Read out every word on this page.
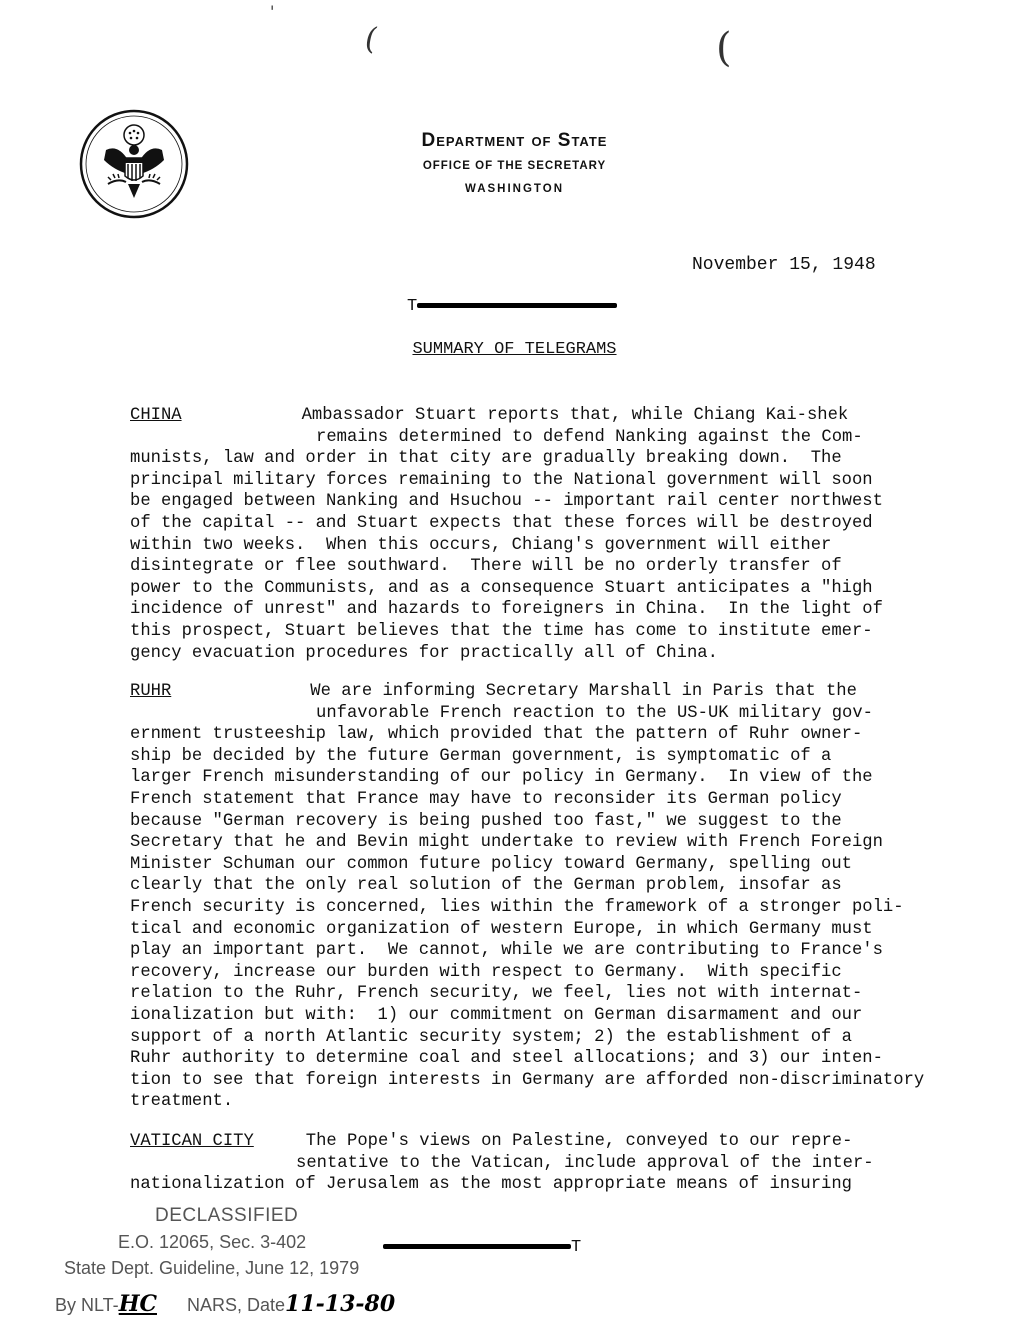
'
(	(
Department of State
OFFICE OF THE SECRETARY
WASHINGTON
November 15, 1948
T
SUMMARY OF TELEGRAMS
CHINA	Ambassador Stuart reports that, while Chiang Kai-shek
remains determined to defend Nanking against the Com-
munists, law and order in that city are gradually breaking down.  The
principal military forces remaining to the National government will soon
be engaged between Nanking and Hsuchou -- important rail center northwest
of the capital -- and Stuart expects that these forces will be destroyed
within two weeks.  When this occurs, Chiang's government will either
disintegrate or flee southward.  There will be no orderly transfer of
power to the Communists, and as a consequence Stuart anticipates a "high
incidence of unrest" and hazards to foreigners in China.  In the light of
this prospect, Stuart believes that the time has come to institute emer-
gency evacuation procedures for practically all of China.
RUHR	We are informing Secretary Marshall in Paris that the
unfavorable French reaction to the US-UK military gov-
ernment trusteeship law, which provided that the pattern of Ruhr owner-
ship be decided by the future German government, is symptomatic of a
larger French misunderstanding of our policy in Germany.  In view of the
French statement that France may have to reconsider its German policy
because "German recovery is being pushed too fast," we suggest to the
Secretary that he and Bevin might undertake to review with French Foreign
Minister Schuman our common future policy toward Germany, spelling out
clearly that the only real solution of the German problem, insofar as
French security is concerned, lies within the framework of a stronger poli-
tical and economic organization of western Europe, in which Germany must
play an important part.  We cannot, while we are contributing to France's
recovery, increase our burden with respect to Germany.  With specific
relation to the Ruhr, French security, we feel, lies not with internat-
ionalization but with:  1) our commitment on German disarmament and our
support of a north Atlantic security system; 2) the establishment of a
Ruhr authority to determine coal and steel allocations; and 3) our inten-
tion to see that foreign interests in Germany are afforded non-discriminatory
treatment.
VATICAN CITY	The Pope's views on Palestine, conveyed to our repre-
sentative to the Vatican, include approval of the inter-
nationalization of Jerusalem as the most appropriate means of insuring
T
DECLASSIFIED
E.O. 12065, Sec. 3-402
State Dept. Guideline, June 12, 1979
By NLT-HC NARS, Date11-13-80
